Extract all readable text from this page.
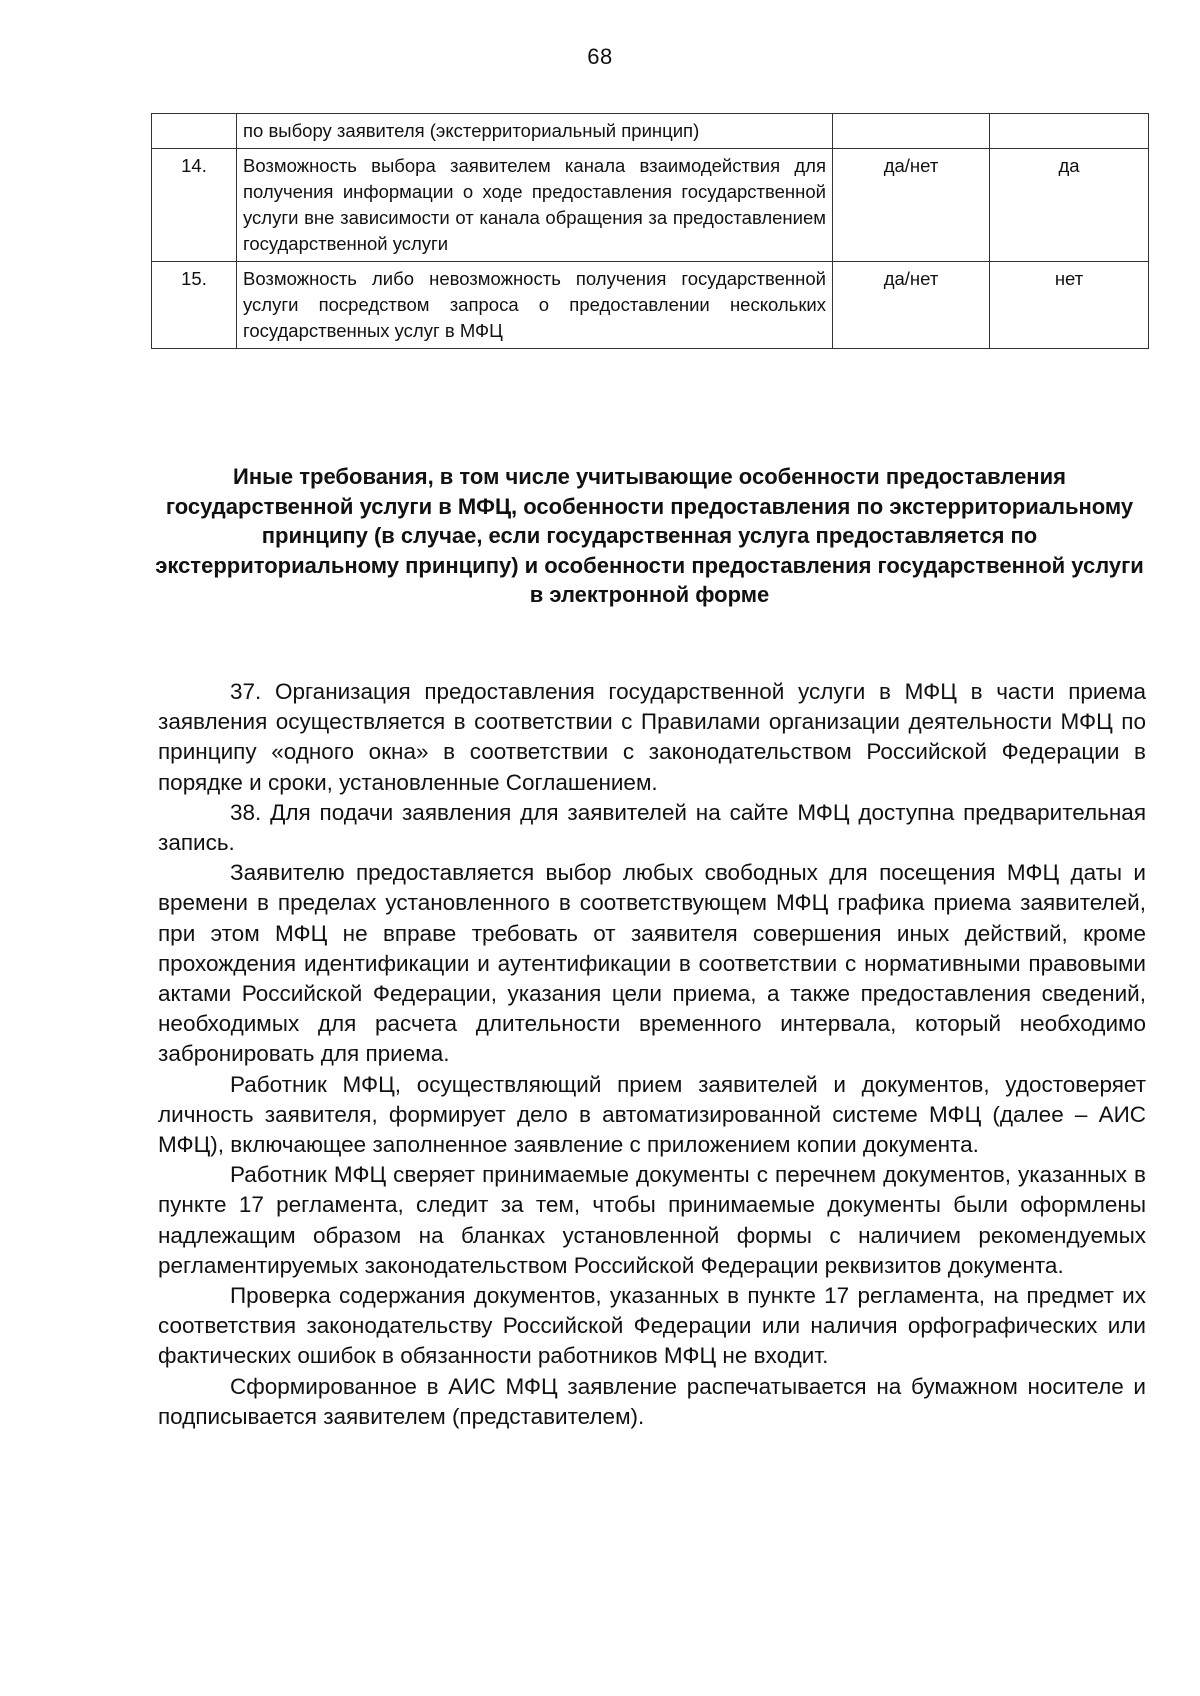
68
	по выбору заявителя (экстерриториальный принцип)		
14.	Возможность выбора заявителем канала взаимодействия для получения информации о ходе предоставления государственной услуги вне зависимости от канала обращения за предоставлением государственной услуги	да/нет	да
15.	Возможность либо невозможность получения государственной услуги посредством запроса о предоставлении нескольких государственных услуг в МФЦ	да/нет	нет
Иные требования, в том числе учитывающие особенности предоставления государственной услуги в МФЦ, особенности предоставления по экстерриториальному принципу (в случае, если государственная услуга предоставляется по экстерриториальному принципу) и особенности предоставления государственной услуги в электронной форме

37. Организация предоставления государственной услуги в МФЦ в части приема заявления осуществляется в соответствии с Правилами организации деятельности МФЦ по принципу «одного окна» в соответствии с законодательством Российской Федерации в порядке и сроки, установленные Соглашением.

38. Для подачи заявления для заявителей на сайте МФЦ доступна предварительная запись.

Заявителю предоставляется выбор любых свободных для посещения МФЦ даты и времени в пределах установленного в соответствующем МФЦ графика приема заявителей, при этом МФЦ не вправе требовать от заявителя совершения иных действий, кроме прохождения идентификации и аутентификации в соответствии с нормативными правовыми актами Российской Федерации, указания цели приема, а также предоставления сведений, необходимых для расчета длительности временного интервала, который необходимо забронировать для приема.

Работник МФЦ, осуществляющий прием заявителей и документов, удостоверяет личность заявителя, формирует дело в автоматизированной системе МФЦ (далее – АИС МФЦ), включающее заполненное заявление с приложением копии документа.

Работник МФЦ сверяет принимаемые документы с перечнем документов, указанных в пункте 17 регламента, следит за тем, чтобы принимаемые документы были оформлены надлежащим образом на бланках установленной формы с наличием рекомендуемых регламентируемых законодательством Российской Федерации реквизитов документа.

Проверка содержания документов, указанных в пункте 17 регламента, на предмет их соответствия законодательству Российской Федерации или наличия орфографических или фактических ошибок в обязанности работников МФЦ не входит.

Сформированное в АИС МФЦ заявление распечатывается на бумажном носителе и подписывается заявителем (представителем).
